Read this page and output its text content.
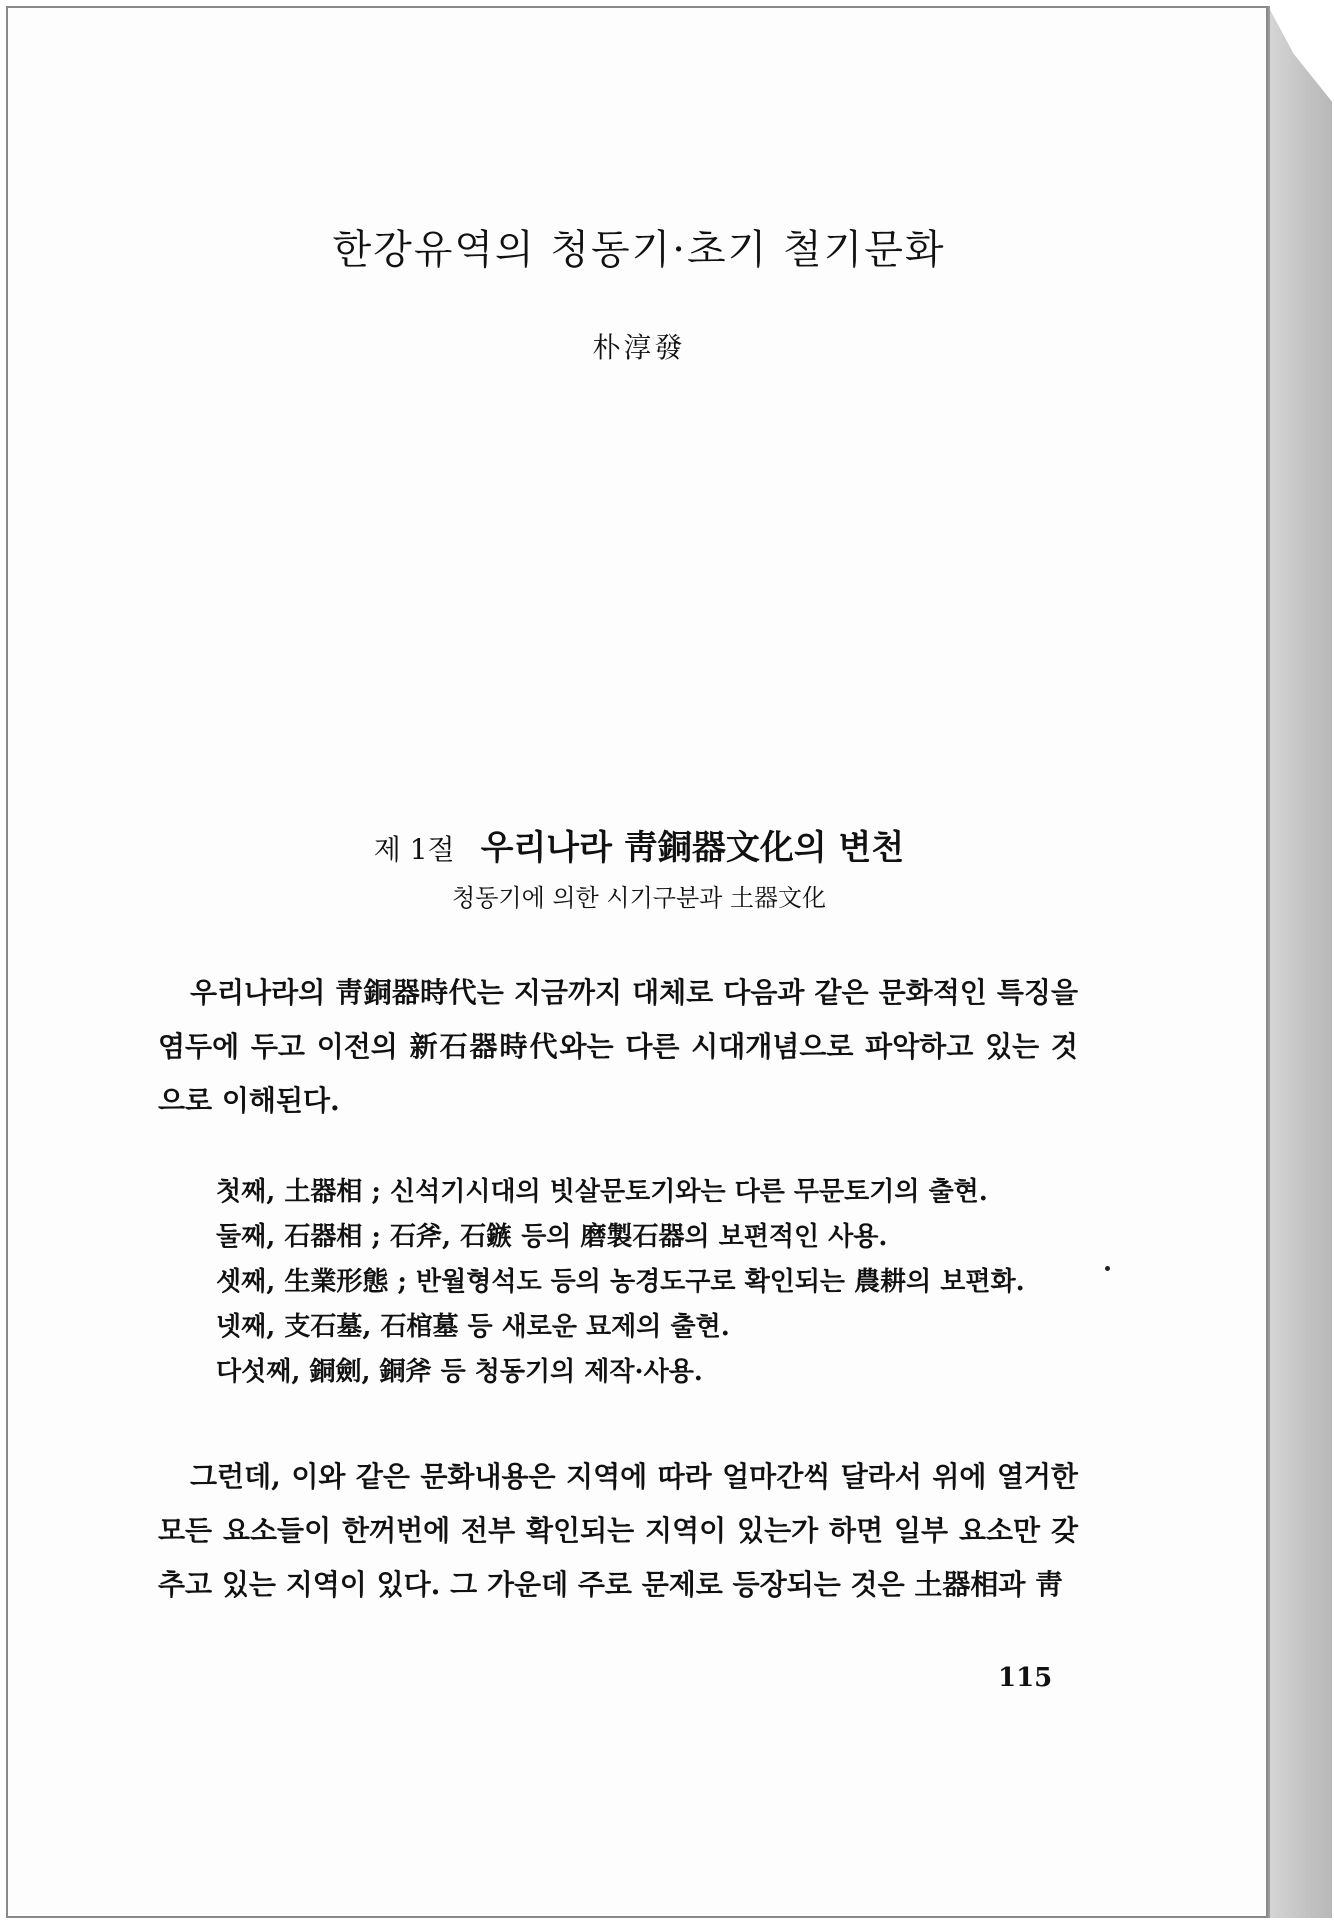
한강유역의 청동기·초기 철기문화
朴淳發
제 1절 우리나라 靑銅器文化의 변천
청동기에 의한 시기구분과 土器文化

우리나라의 靑銅器時代는 지금까지 대체로 다음과 같은 문화적인 특징을 염두에 두고 이전의 新石器時代와는 다른 시대개념으로 파악하고 있는 것으로 이해된다.

첫째, 土器相 ; 신석기시대의 빗살문토기와는 다른 무문토기의 출현.
둘째, 石器相 ; 石斧, 石鏃 등의 磨製石器의 보편적인 사용.
셋째, 生業形態 ; 반월형석도 등의 농경도구로 확인되는 農耕의 보편화.
넷째, 支石墓, 石棺墓 등 새로운 묘제의 출현.
다섯째, 銅劍, 銅斧 등 청동기의 제작·사용.

그런데, 이와 같은 문화내용은 지역에 따라 얼마간씩 달라서 위에 열거한 모든 요소들이 한꺼번에 전부 확인되는 지역이 있는가 하면 일부 요소만 갖추고 있는 지역이 있다. 그 가운데 주로 문제로 등장되는 것은 土器相과 靑

115
